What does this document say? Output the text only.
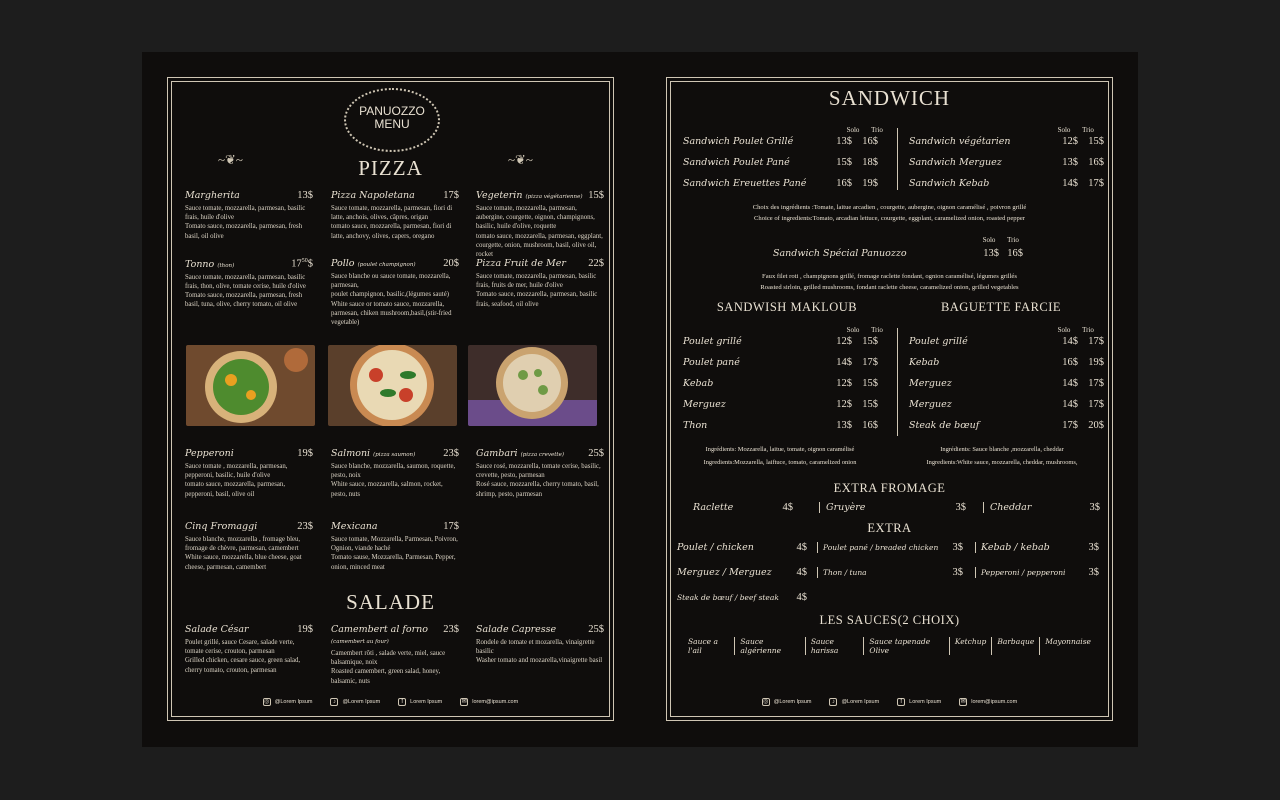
PANUOZZO
MENU
~❦~	~❦~
PIZZA
Margherita	13$
Sauce tomate, mozzarella, parmesan, basilic frais, huile d'olive
Tomato sauce, mozzarella, parmesan, fresh basil, oil olive
Pizza Napoletana	17$
Sauce tomate, mozzarella, parmesan, fiori di latte, anchois, olives, câpres, origan
tomato sauce, mozzarella, parmesan, fiori di latte, anchovy, olives, capers, oregano
Vegeterin (pizza végétarienne) 15$
Sauce tomate, mozzarella, parmesan, aubergine, courgette, oignon, champignons, basilic, huile d'olive, roquette
tomato sauce, mozzarella, parmesan, eggplant, courgette, onion, mushroom, basil, olive oil, rocket
Tonno (thon)	$17^{50}\$$
Sauce tomate, mozzarella, parmesan, basilic frais, thon, olive, tomate cerise, huile d'olive
Tomato sauce, mozzarella, parmesan, fresh basil, tuna, olive, cherry tomato, oil olive
Pollo (poulet champignon)	20$
Sauce blanche ou sauce tomate, mozzarella, parmesan,
poulet champignon, basilic,(légumes sauté)
White sauce or tomato sauce, mozzarella, parmesan, chiken mushroom,basil,(stir-fried vegetable)
Pizza Fruit de Mer 22$
Sauce tomate, mozzarella, parmesan, basilic frais, fruits de mer, huile d'olive
Tomato sauce, mozzarella, parmesan, basilic frais, seafood, oil olive
Pepperoni	19$
Sauce tomate , mozzarella, parmesan, pepperoni, basilic, huile d'olive
tomato sauce, mozzarella, parmesan, pepperoni, basil, olive oil
Salmoni (pizza saumon)	23$
Sauce blanche, mozzarella, saumon, roquette, pesto, noix
White sauce, mozzarella, salmon, rocket, pesto, nuts
Gambari (pizza crevette) 25$
Sauce rosé, mozzarella, tomate cerise, basilic, crevette, pesto, parmesan
Rosé sauce, mozzarella, cherry tomato, basil, shrimp, pesto, parmesan
Cinq Fromaggi	23$
Sauce blanche, mozzarella , fromage bleu, fromage de chèvre, parmesan, camembert
White sauce, mozzarella, blue cheese, goat cheese, parmesan, camembert
Mexicana	17$
Sauce tomate, Mozzarella, Parmesan, Poivron, Ognion, viande haché
Tomato sause, Mozzarella, Parmesan, Pepper, onion, minced meat
SALADE
Salade César	19$
Poulet grillé, sauce Cesare, salade verte, tomate cerise, crouton, parmesan
Grilled chicken, cesare sauce, green salad, cherry tomato, crouton, parmesan
Camembert al forno (camembert au four)
23$
Camembert rôti , salade verte, miel, sauce balsamique, noix
Roasted camembert, green salad, honey, balsamic, nuts
Salade Capresse	25$
Rondele de tomate et mozarella, vinaigrette basilic
Washer tomato and mozarella,vinaigrette basil
◎ @Lorem Ipsum	♪	@Lorem Ipsum	f	Lorem Ipsum	✉ lorem@ipsum.com
SANDWICH
Solo	Trio	Solo	Trio
Sandwich Poulet Grillé	13$ 16$
Sandwich Poulet Pané	15$ 18$
Sandwich Ereuettes Pané	16$ 19$
Sandwich végétarien	12$ 15$
Sandwich Merguez	13$ 16$
Sandwich Kebab	14$ 17$
Choix des ingrédients :Tomate, laitue arcadien , courgette, aubergine, oignon caramélisé , poivron grillé
Choice of ingredients:Tomato, arcadian lettuce, courgette, eggplant, caramelized onion, roasted pepper
Solo	Trio
Sandwich Spécial Panuozzo	13$ 16$
Faux filet roti , champignons grillé, fromage raclette fondant, ognion caramélisé, légumes grillés
Roasted sirloin, grilled mushrooms, fondant raclette cheese, caramelized onion, grilled vegetables
SANDWISH MAKLOUB	BAGUETTE FARCIE
Solo	Trio	Solo	Trio
Poulet grillé	12$ 15$
Poulet pané	14$ 17$
Kebab	12$ 15$
Merguez	12$ 15$
Thon	13$ 16$
Poulet grillé	14$ 17$
Kebab	16$ 19$
Merguez	14$ 17$
Merguez	14$ 17$
Steak de bœuf	17$ 20$
Ingrédients: Mozzarella, laitue, tomate, oignon caramélisé
Ingredients:Mozzarella, laiftuce, tomato, caramelized onion
Ingrédients: Sauce blanche ,mozzarella, cheddar
Ingredients:White sauce, mozzarella, cheddar, mushrooms,
EXTRA FROMAGE
Raclette	4$	Gruyère	3$	Cheddar	3$
EXTRA
Poulet / chicken	4$ Poulet pané / breaded chicken	3$ Kebab / kebab	3$
Merguez / Merguez	4$ Thon / tuna	3$ Pepperoni / pepperoni	3$
Steak de bœuf / beef steak	4$
LES SAUCES(2 CHOIX)
Sauce a l'ail
Sauce algérienne
Sauce harissa
Sauce tapenade Olive
Ketchup	Barbaque	Mayonnaise
◎ @Lorem Ipsum	♪	@Lorem Ipsum	f	Lorem Ipsum	✉ lorem@ipsum.com
